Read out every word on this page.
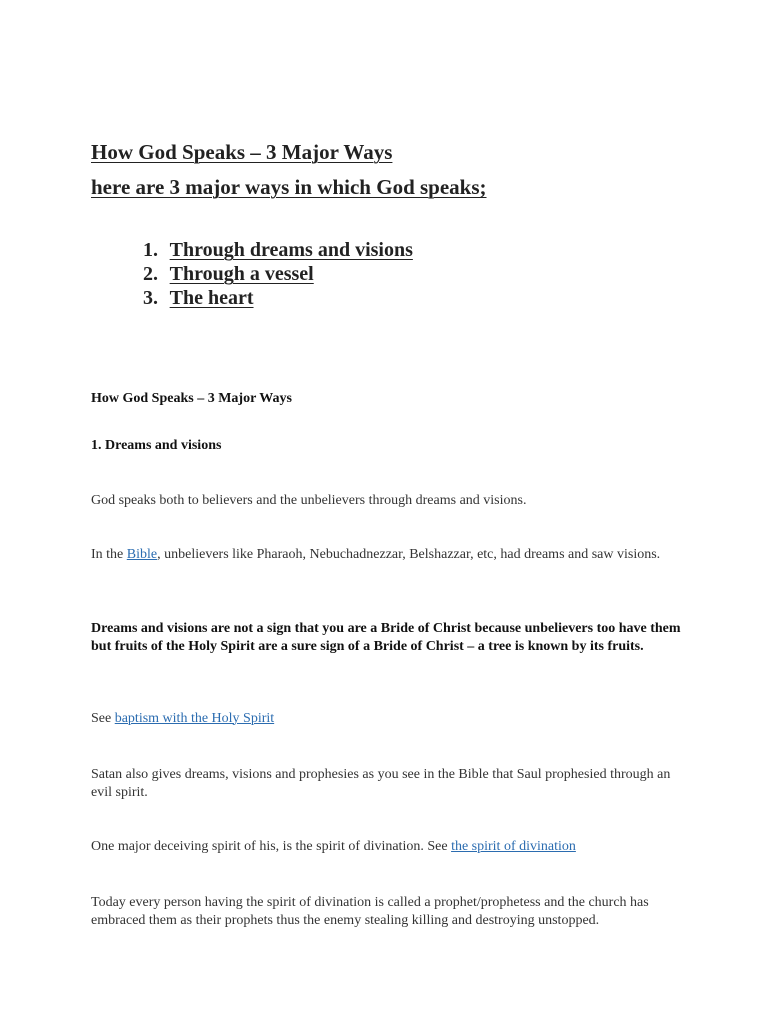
How God Speaks – 3 Major Ways
here are 3 major ways in which God speaks;
1. Through dreams and visions
2. Through a vessel
3. The heart
How God Speaks – 3 Major Ways
1. Dreams and visions
God speaks both to believers and the unbelievers through dreams and visions.
In the Bible, unbelievers like Pharaoh, Nebuchadnezzar, Belshazzar, etc, had dreams and saw visions.
Dreams and visions are not a sign that you are a Bride of Christ because unbelievers too have them but fruits of the Holy Spirit are a sure sign of a Bride of Christ – a tree is known by its fruits.
See baptism with the Holy Spirit
Satan also gives dreams, visions and prophesies as you see in the Bible that Saul prophesied through an evil spirit.
One major deceiving spirit of his, is the spirit of divination. See the spirit of divination
Today every person having the spirit of divination is called a prophet/prophetess and the church has embraced them as their prophets thus the enemy stealing killing and destroying unstopped.
